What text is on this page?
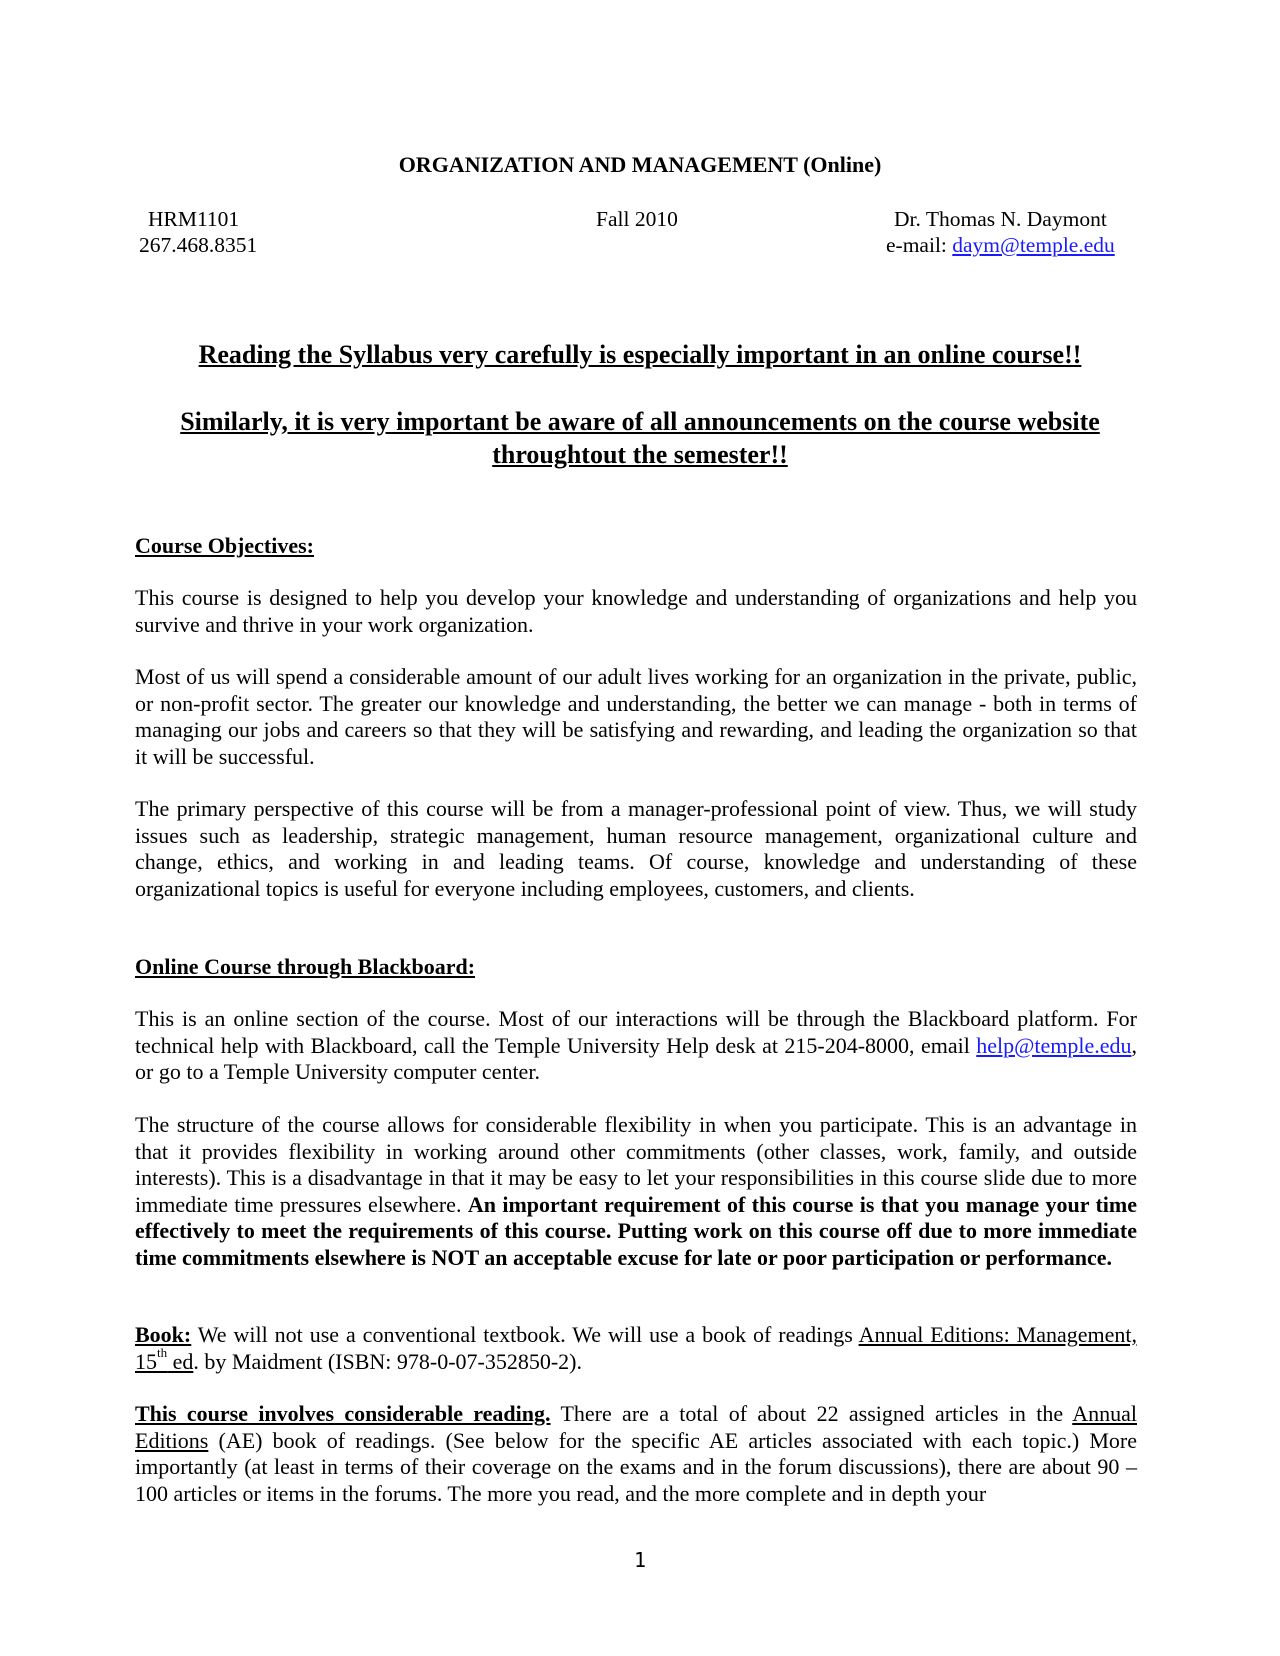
ORGANIZATION AND MANAGEMENT (Online)
HRM1101	Fall 2010	Dr. Thomas N. Daymont
267.468.8351	e-mail: daym@temple.edu
Reading the Syllabus very carefully is especially important in an online course!!
Similarly, it is very important be aware of all announcements on the course website throughtout the semester!!
Course Objectives:
This course is designed to help you develop your knowledge and understanding of organizations and help you survive and thrive in your work organization.
Most of us will spend a considerable amount of our adult lives working for an organization in the private, public, or non-profit sector. The greater our knowledge and understanding, the better we can manage - both in terms of managing our jobs and careers so that they will be satisfying and rewarding, and leading the organization so that it will be successful.
The primary perspective of this course will be from a manager-professional point of view. Thus, we will study issues such as leadership, strategic management, human resource management, organizational culture and change, ethics, and working in and leading teams. Of course, knowledge and understanding of these organizational topics is useful for everyone including employees, customers, and clients.
Online Course through Blackboard:
This is an online section of the course. Most of our interactions will be through the Blackboard platform. For technical help with Blackboard, call the Temple University Help desk at 215-204-8000, email help@temple.edu, or go to a Temple University computer center.
The structure of the course allows for considerable flexibility in when you participate. This is an advantage in that it provides flexibility in working around other commitments (other classes, work, family, and outside interests). This is a disadvantage in that it may be easy to let your responsibilities in this course slide due to more immediate time pressures elsewhere. An important requirement of this course is that you manage your time effectively to meet the requirements of this course. Putting work on this course off due to more immediate time commitments elsewhere is NOT an acceptable excuse for late or poor participation or performance.
Book: We will not use a conventional textbook. We will use a book of readings Annual Editions: Management, 15th ed. by Maidment (ISBN: 978-0-07-352850-2).
This course involves considerable reading. There are a total of about 22 assigned articles in the Annual Editions (AE) book of readings. (See below for the specific AE articles associated with each topic.) More importantly (at least in terms of their coverage on the exams and in the forum discussions), there are about 90 – 100 articles or items in the forums. The more you read, and the more complete and in depth your
1
